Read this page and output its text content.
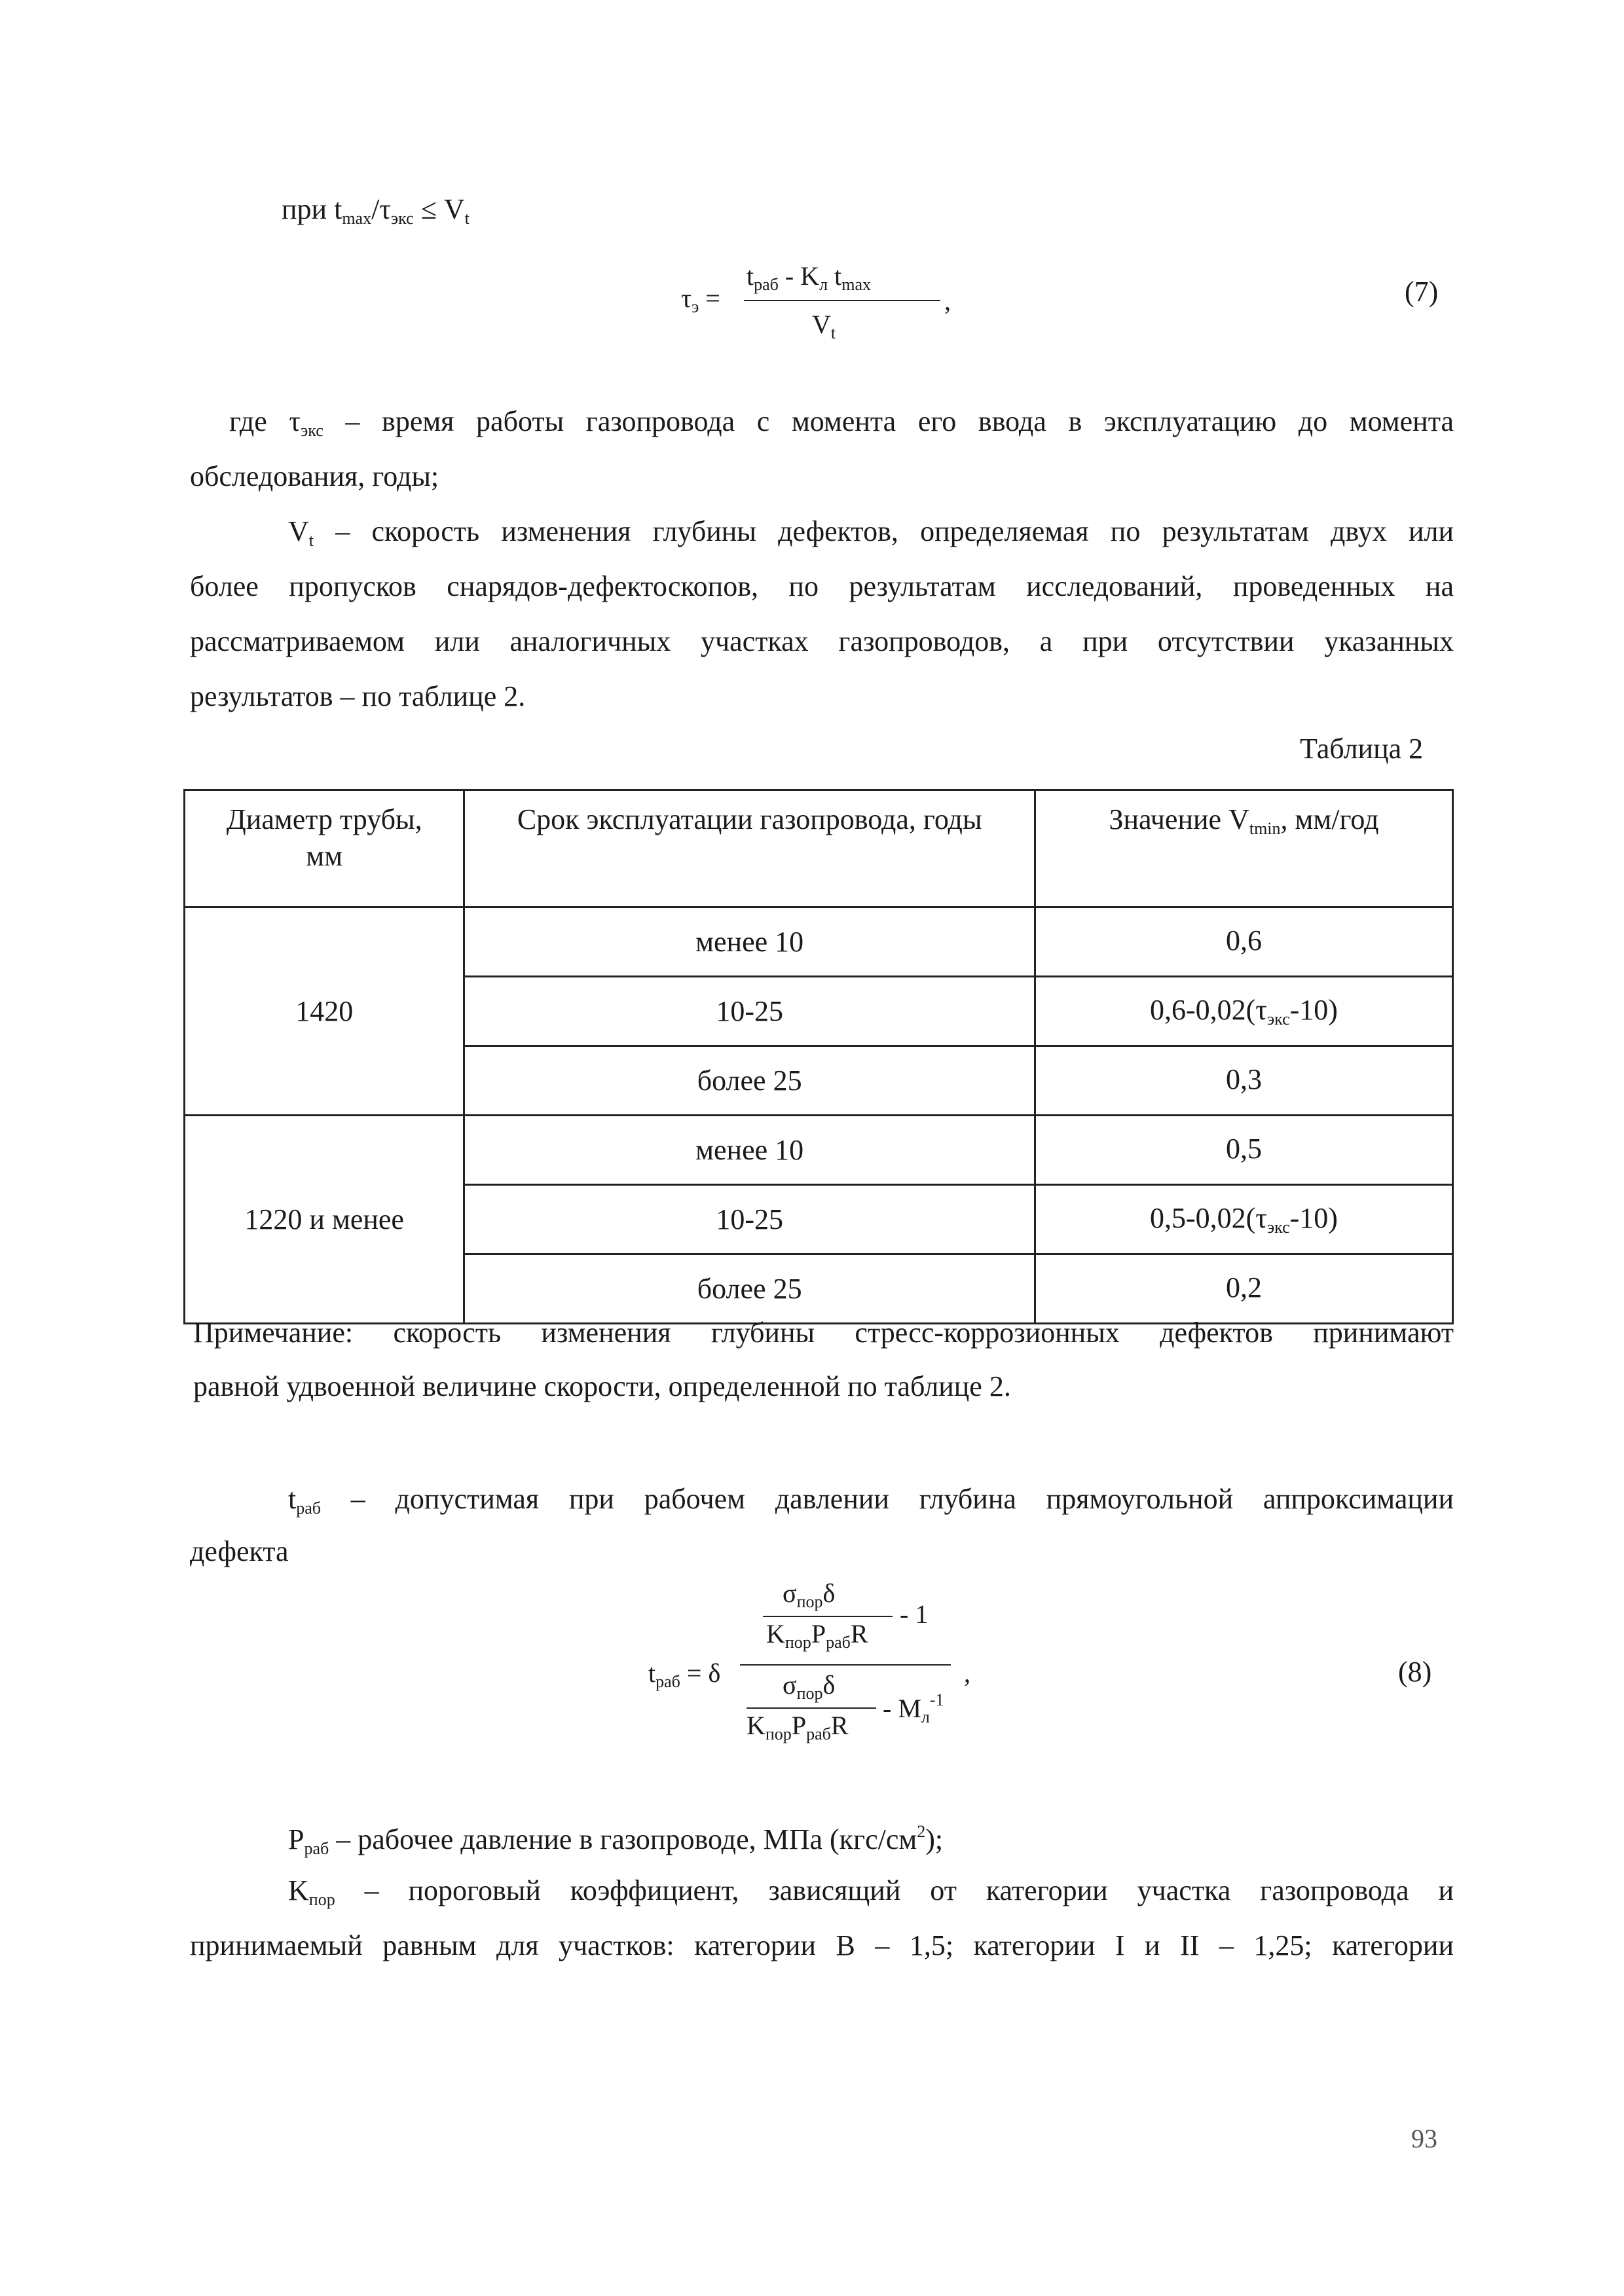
при $t_{max}/\tau_{экс} \le V_t$
$\tau_э$ =
$t_{раб} - K_л$ $t_{max}$
$V_t$
,	(7)
где $\tau_{экс}$ – время работы газопровода с момента его ввода в эксплуатацию до момента
обследования, годы;
$V_t$ – скорость изменения глубины дефектов, определяемая по результатам двух или
более пропусков снарядов-дефектоскопов, по результатам исследований, проведенных на
рассматриваемом или аналогичных участках газопроводов, а при отсутствии указанных
результатов – по таблице 2.
Таблица 2
Диаметр трубы,
мм	Срок эксплуатации газопровода, годы	Значение $V_{tmin}$, мм/год
1420	менее 10	0,6
	10-25	$0,6-0,02(\tau_{экс}-10)$
	более 25	0,3
1220 и менее	менее 10	0,5
	10-25	$0,5-0,02(\tau_{экс}-10)$
	более 25	0,2
Примечание: скорость изменения глубины стресс-коррозионных дефектов принимают
равной удвоенной величине скорости, определенной по таблице 2.
$t_{раб}$ – допустимая при рабочем давлении глубина прямоугольной аппроксимации
дефекта
$t_{раб} = \delta$
$\sigma_{пор}\delta$
$K_{пор}P_{раб}R$
- 1
$\sigma_{пор}\delta$
$K_{пор}P_{раб}R$
- $M_л^{-1}$
,	(8)
$P_{раб}$ – рабочее давление в газопроводе, МПа $(кгс/см^2)$;
$K_{пор}$ – пороговый коэффициент, зависящий от категории участка газопровода и
принимаемый равным для участков: категории В – 1,5; категории I и II – 1,25; категории
93
